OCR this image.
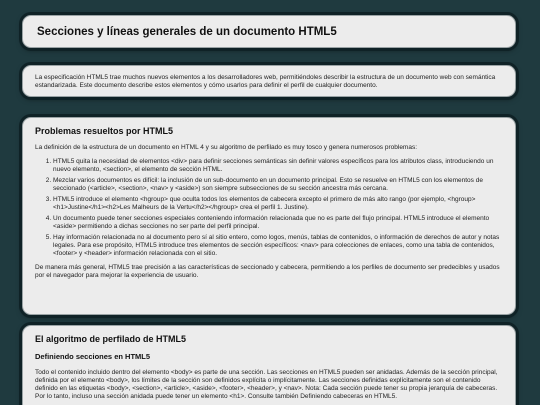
Secciones y líneas generales de un documento HTML5

La especificación HTML5 trae muchos nuevos elementos a los desarrolladores web, permitiéndoles describir la estructura de un documento web con semántica estandarizada. Este documento describe estos elementos y cómo usarlos para definir el perfil de cualquier documento.

Problemas resueltos por HTML5

La definición de la estructura de un documento en HTML 4 y su algoritmo de perfilado es muy tosco y genera numerosos problemas:

1. HTML5 quita la necesidad de elementos <div> para definir secciones semánticas sin definir valores específicos para los atributos class, introduciendo un nuevo elemento, <section>, el elemento de sección HTML.
2. Mezclar varios documentos es difícil: la inclusión de un sub-documento en un documento principal. Esto se resuelve en HTML5 con los elementos de seccionado (<article>, <section>, <nav> y <aside>) son siempre subsecciones de su sección ancestra más cercana.
3. HTML5 introduce el elemento <hgroup> que oculta todos los elementos de cabecera excepto el primero de más alto rango (por ejemplo, <hgroup><h1>Justine</h1><h2>Les Malheurs de la Vertu</h2></hgroup> crea el perfil 1. Justine).
4. Un documento puede tener secciones especiales conteniendo información relacionada que no es parte del flujo principal. HTML5 introduce el elemento <aside> permitiendo a dichas secciones no ser parte del perfil principal.
5. Hay información relacionada no al documento pero sí al sitio entero, como logos, menús, tablas de contenidos, o información de derechos de autor y notas legales. Para ese propósito, HTML5 introduce tres elementos de sección específicos: <nav> para colecciones de enlaces, como una tabla de contenidos, <footer> y <header> información relacionada con el sitio.

De manera más general, HTML5 trae precisión a las características de seccionado y cabecera, permitiendo a los perfiles de documento ser predecibles y usados por el navegador para mejorar la experiencia de usuario.

El algoritmo de perfilado de HTML5
Definiendo secciones en HTML5

Todo el contenido incluido dentro del elemento <body> es parte de una sección. Las secciones en HTML5 pueden ser anidadas. Además de la sección principal, definida por el elemento <body>, los límites de la sección son definidos explícita o implícitamente. Las secciones definidas explícitamente son el contenido definido en las etiquetas <body>, <section>, <article>, <aside>, <footer>, <header>, y <nav>. Nota: Cada sección puede tener su propia jerarquía de cabeceras. Por lo tanto, incluso una sección anidada puede tener un elemento <h1>. Consulte también Definiendo cabeceras en HTML5.
